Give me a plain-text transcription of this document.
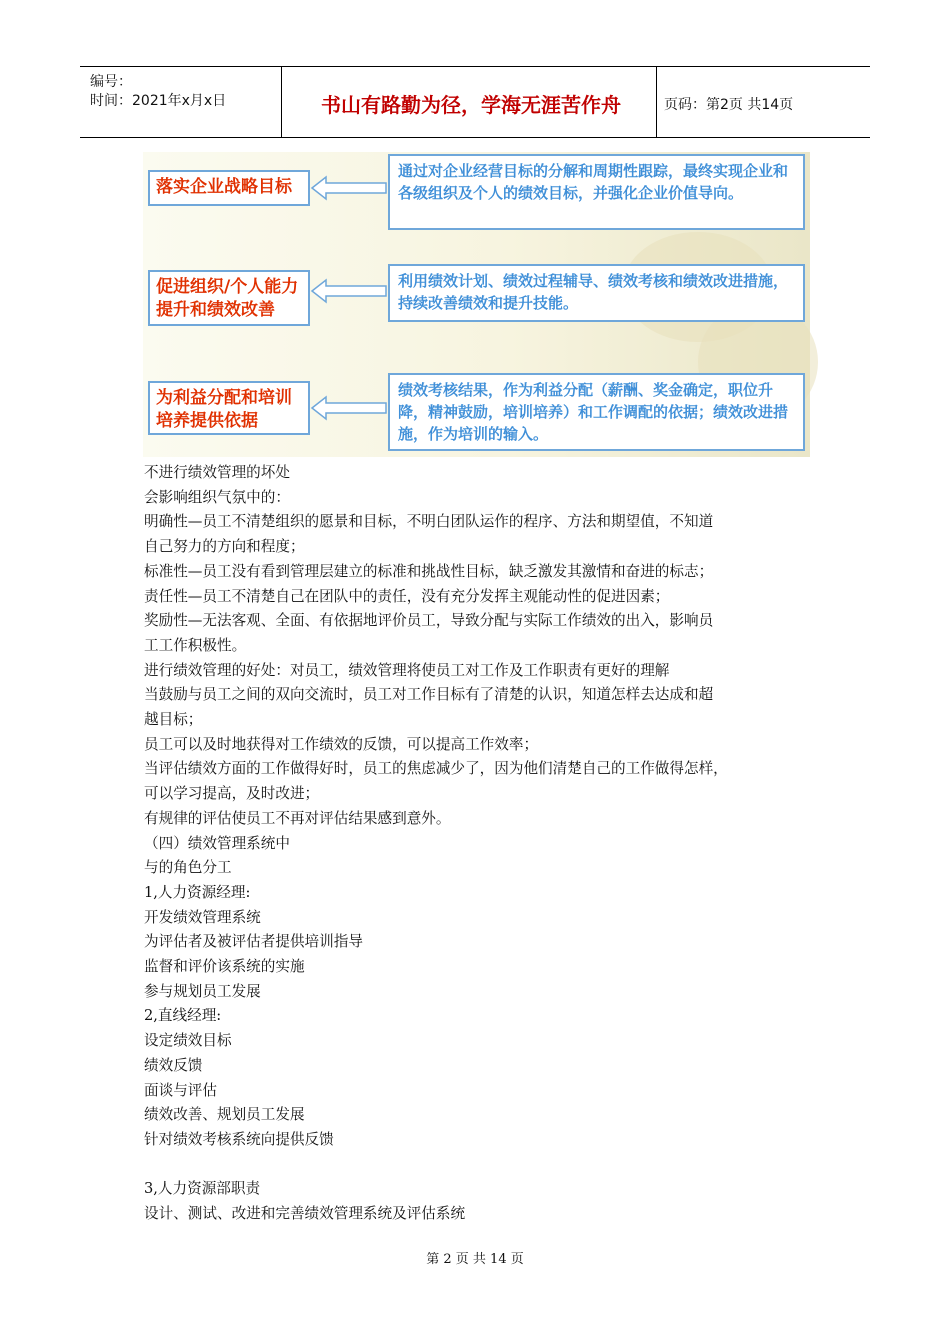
编号：
时间：2021年x月x日	书山有路勤为径，学海无涯苦作舟	页码：第2页 共14页
落实企业战略目标
通过对企业经营目标的分解和周期性跟踪，最终实现企业和各级组织及个人的绩效目标，并强化企业价值导向。
促进组织/个人能力提升和绩效改善
利用绩效计划、绩效过程辅导、绩效考核和绩效改进措施，持续改善绩效和提升技能。
为利益分配和培训培养提供依据
绩效考核结果，作为利益分配（薪酬、奖金确定，职位升降，精神鼓励，培训培养）和工作调配的依据；绩效改进措施，作为培训的输入。

不进行绩效管理的坏处

会影响组织气氛中的：

明确性—员工不清楚组织的愿景和目标，不明白团队运作的程序、方法和期望值，不知道

自己努力的方向和程度；

标准性—员工没有看到管理层建立的标准和挑战性目标，缺乏激发其激情和奋进的标志；

责任性—员工不清楚自己在团队中的责任，没有充分发挥主观能动性的促进因素；

奖励性—无法客观、全面、有依据地评价员工，导致分配与实际工作绩效的出入，影响员

工工作积极性。

进行绩效管理的好处：对员工，绩效管理将使员工对工作及工作职责有更好的理解

当鼓励与员工之间的双向交流时，员工对工作目标有了清楚的认识，知道怎样去达成和超

越目标；

员工可以及时地获得对工作绩效的反馈，可以提高工作效率；

当评估绩效方面的工作做得好时，员工的焦虑减少了，因为他们清楚自己的工作做得怎样，

可以学习提高，及时改进；

有规律的评估使员工不再对评估结果感到意外。

（四）绩效管理系统中

与的角色分工

1,人力资源经理:

开发绩效管理系统

为评估者及被评估者提供培训指导

监督和评价该系统的实施

参与规划员工发展

2,直线经理:

设定绩效目标

绩效反馈

面谈与评估

绩效改善、规划员工发展

针对绩效考核系统向提供反馈

3,人力资源部职责

设计、测试、改进和完善绩效管理系统及评估系统

第 2 页 共 14 页
